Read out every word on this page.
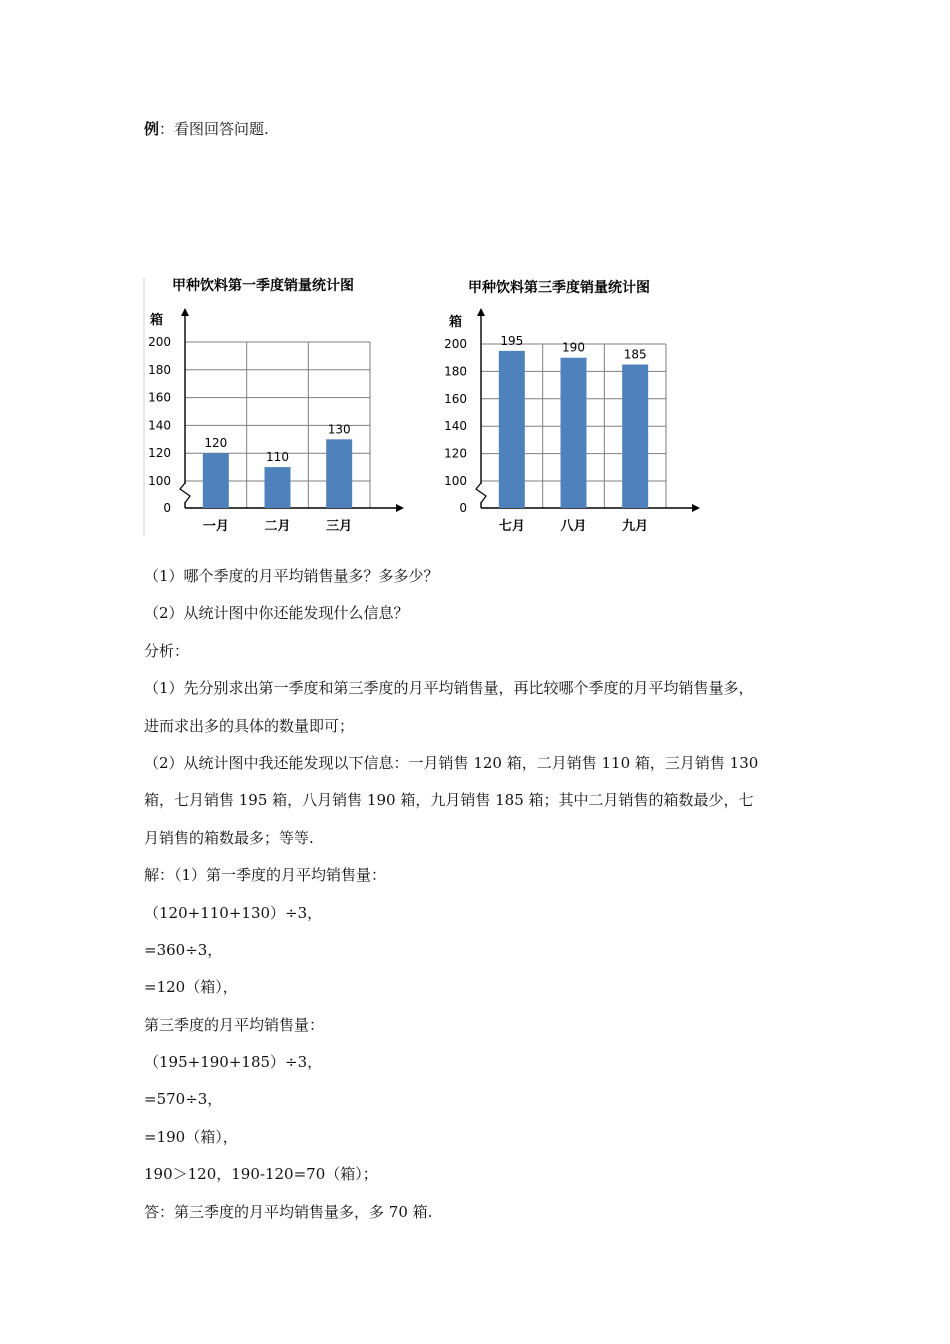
例：看图回答问题.
甲种饮料第一季度销量统计图
箱
0
100
120
140
160
180
200
一月	二月	三月
120
110
130
甲种饮料第三季度销量统计图
箱
0
100
120
140
160
180
200
七月	八月	九月
195	190	185

（1）哪个季度的月平均销售量多？多多少？

（2）从统计图中你还能发现什么信息？

分析：

（1）先分别求出第一季度和第三季度的月平均销售量，再比较哪个季度的月平均销售量多，

进而求出多的具体的数量即可；

（2）从统计图中我还能发现以下信息：一月销售 120 箱，二月销售 110 箱，三月销售 130

箱，七月销售 195 箱，八月销售 190 箱，九月销售 185 箱；其中二月销售的箱数最少，七

月销售的箱数最多；等等.

解：（1）第一季度的月平均销售量：

（120+110+130）÷3，

=360÷3，

=120（箱），

第三季度的月平均销售量：

（195+190+185）÷3，

=570÷3，

=190（箱），

190＞120，190-120=70（箱）；

答：第三季度的月平均销售量多，多 70 箱.
